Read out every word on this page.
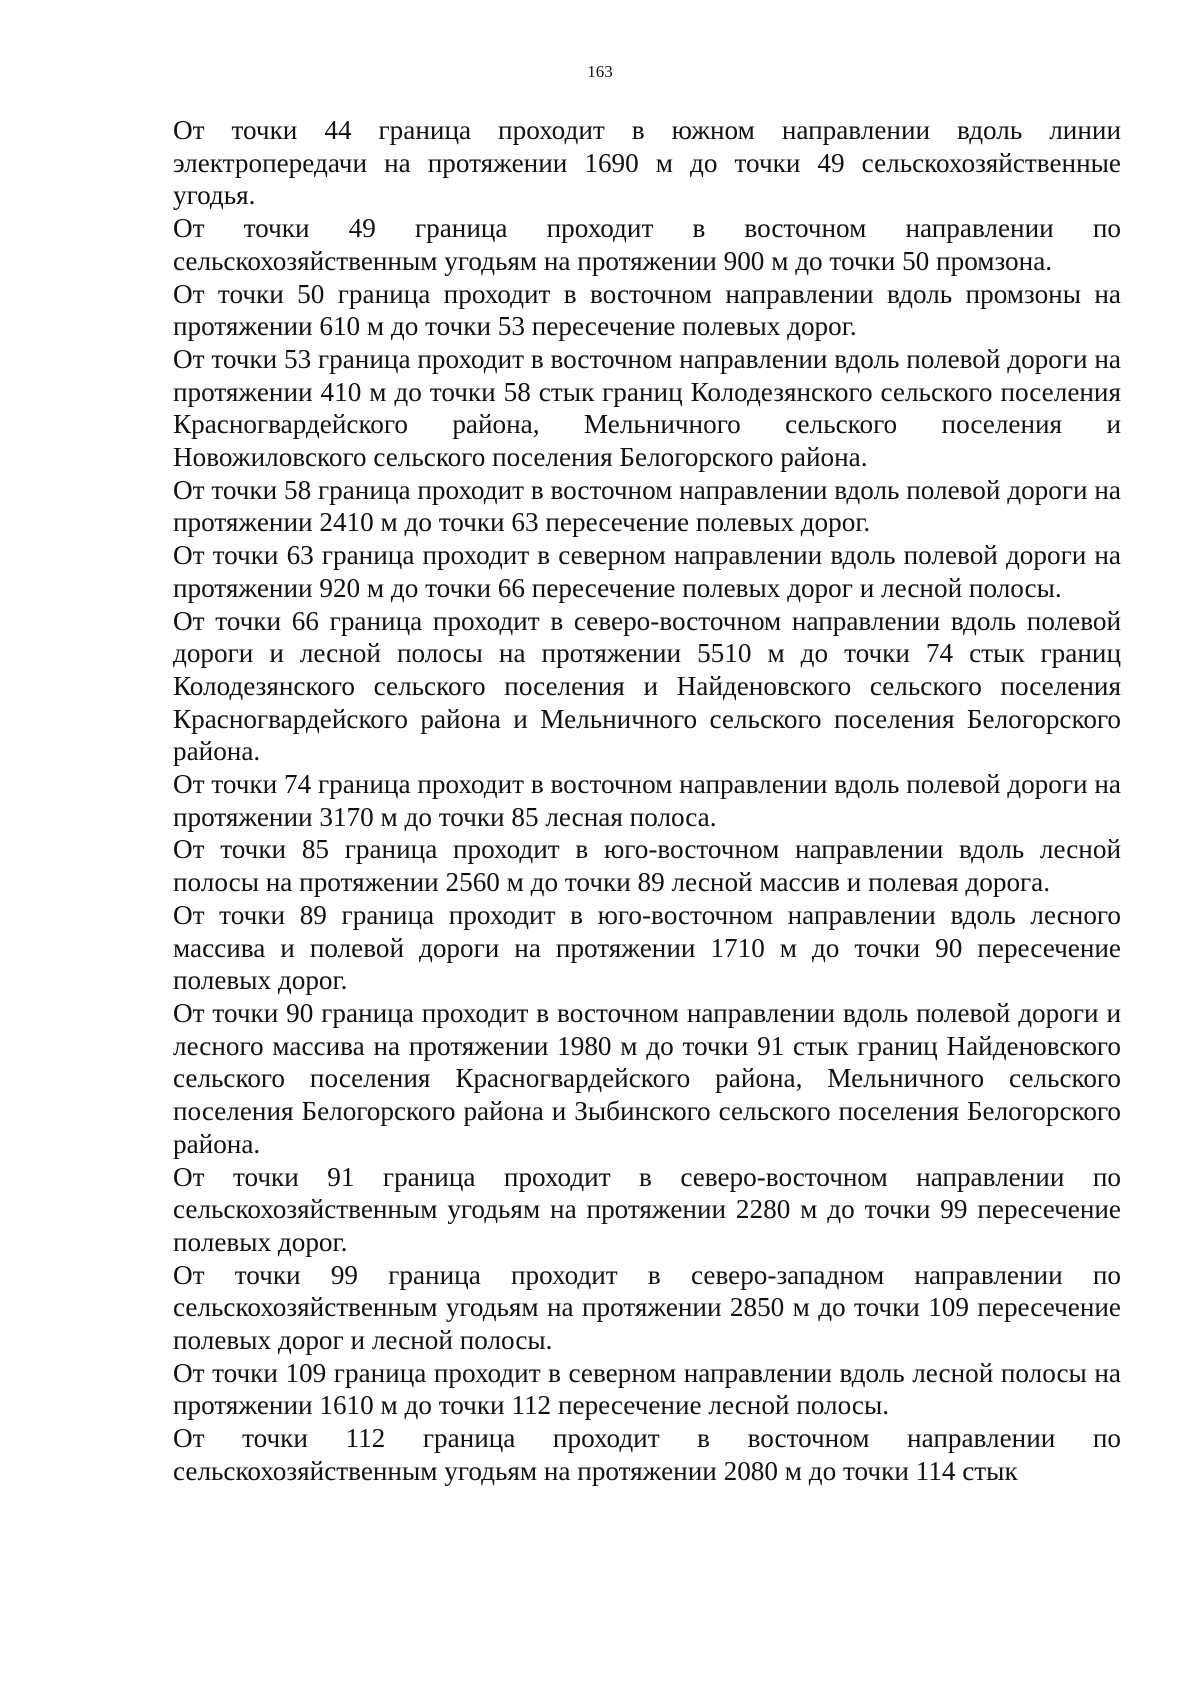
163

От точки 44 граница проходит в южном направлении вдоль линии электропередачи на протяжении 1690 м до точки 49 сельскохозяйственные угодья.

От точки 49 граница проходит в восточном направлении по сельскохозяйственным угодьям на протяжении 900 м до точки 50 промзона.

От точки 50 граница проходит в восточном направлении вдоль промзоны на протяжении 610 м до точки 53 пересечение полевых дорог.

От точки 53 граница проходит в восточном направлении вдоль полевой дороги на протяжении 410 м до точки 58 стык границ Колодезянского сельского поселения Красногвардейского района, Мельничного сельского поселения и Новожиловского сельского поселения Белогорского района.

От точки 58 граница проходит в восточном направлении вдоль полевой дороги на протяжении 2410 м до точки 63 пересечение полевых дорог.

От точки 63 граница проходит в северном направлении вдоль полевой дороги на протяжении 920 м до точки 66 пересечение полевых дорог и лесной полосы.

От точки 66 граница проходит в северо-восточном направлении вдоль полевой дороги и лесной полосы на протяжении 5510 м до точки 74 стык границ Колодезянского сельского поселения и Найденовского сельского поселения Красногвардейского района и Мельничного сельского поселения Белогорского района.

От точки 74 граница проходит в восточном направлении вдоль полевой дороги на протяжении 3170 м до точки 85 лесная полоса.

От точки 85 граница проходит в юго-восточном направлении вдоль лесной полосы на протяжении 2560 м до точки 89 лесной массив и полевая дорога.

От точки 89 граница проходит в юго-восточном направлении вдоль лесного массива и полевой дороги на протяжении 1710 м до точки 90 пересечение полевых дорог.

От точки 90 граница проходит в восточном направлении вдоль полевой дороги и лесного массива на протяжении 1980 м до точки 91 стык границ Найденовского сельского поселения Красногвардейского района, Мельничного сельского поселения Белогорского района и Зыбинского сельского поселения Белогорского района.

От точки 91 граница проходит в северо-восточном направлении по сельскохозяйственным угодьям на протяжении 2280 м до точки 99 пересечение полевых дорог.

От точки 99 граница проходит в северо-западном направлении по сельскохозяйственным угодьям на протяжении 2850 м до точки 109 пересечение полевых дорог и лесной полосы.

От точки 109 граница проходит в северном направлении вдоль лесной полосы на протяжении 1610 м до точки 112 пересечение лесной полосы.

От точки 112 граница проходит в восточном направлении по сельскохозяйственным угодьям на протяжении 2080 м до точки 114 стык
